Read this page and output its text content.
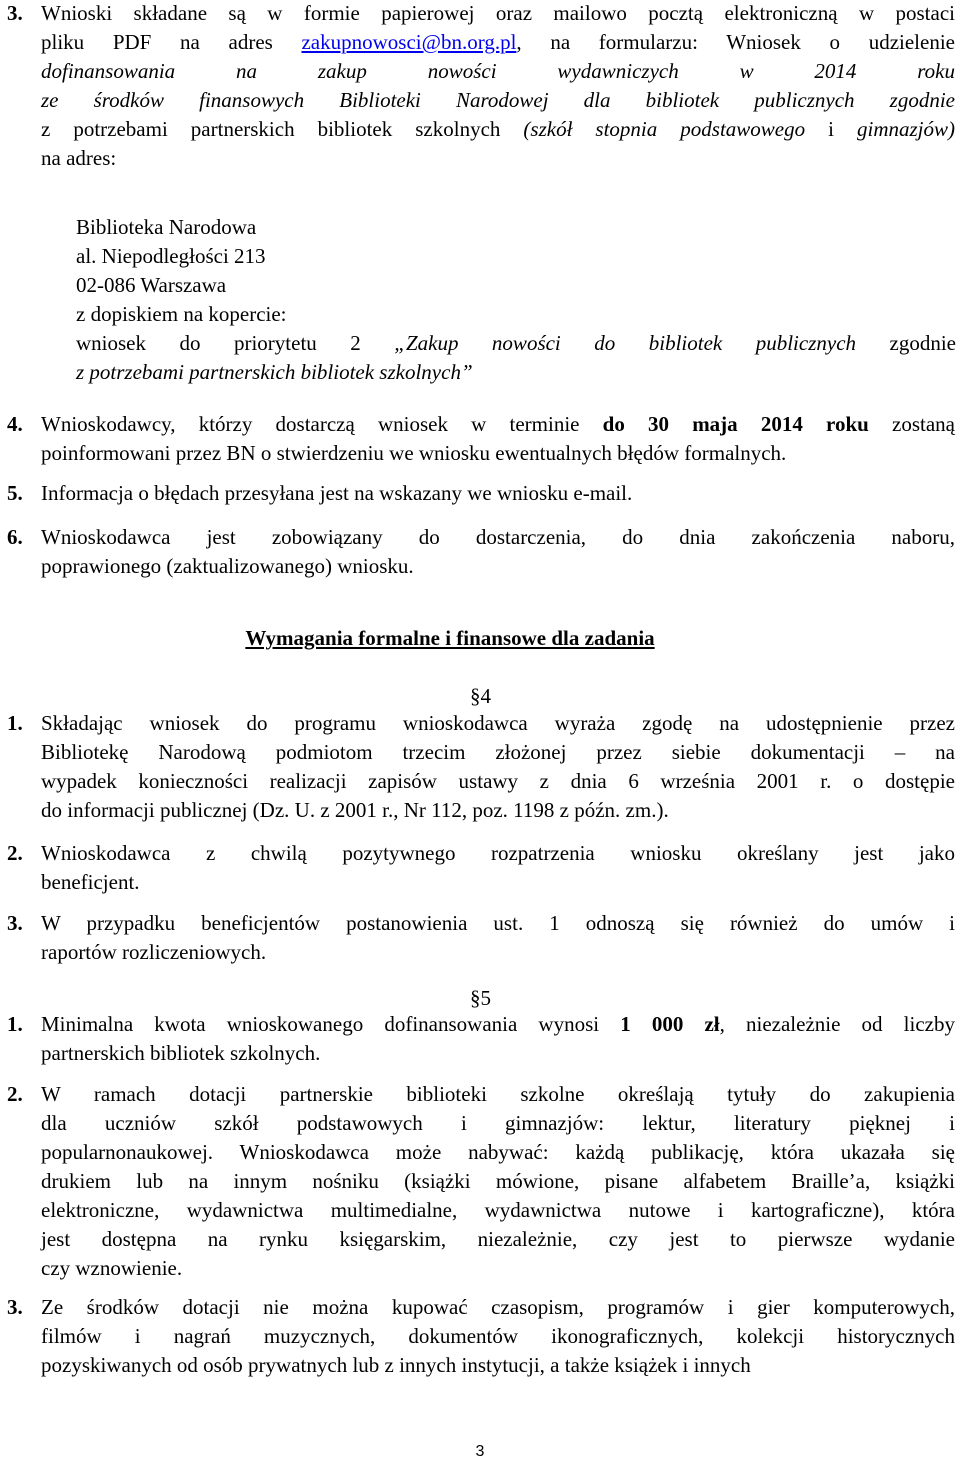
3. Wnioski składane są w formie papierowej oraz mailowo pocztą elektroniczną w postaci
pliku PDF na adres zakupnowosci@bn.org.pl, na formularzu: Wniosek o udzielenie
dofinansowania na zakup nowości wydawniczych w 2014 roku
ze środków finansowych Biblioteki Narodowej dla bibliotek publicznych zgodnie
z potrzebami partnerskich bibliotek szkolnych (szkół stopnia podstawowego i gimnazjów)
na adres:
Biblioteka Narodowa
al. Niepodległości 213
02-086 Warszawa
z dopiskiem na kopercie:
wniosek do priorytetu 2 „Zakup nowości do bibliotek publicznych zgodnie
z potrzebami partnerskich bibliotek szkolnych”
4. Wnioskodawcy, którzy dostarczą wniosek w terminie do 30 maja 2014 roku zostaną
poinformowani przez BN o stwierdzeniu we wniosku ewentualnych błędów formalnych.
5. Informacja o błędach przesyłana jest na wskazany we wniosku e-mail.
6. Wnioskodawca jest zobowiązany do dostarczenia, do dnia zakończenia naboru,
poprawionego (zaktualizowanego) wniosku.
Wymagania formalne i finansowe dla zadania
§4
1. Składając wniosek do programu wnioskodawca wyraża zgodę na udostępnienie przez
Bibliotekę Narodową podmiotom trzecim złożonej przez siebie dokumentacji – na
wypadek konieczności realizacji zapisów ustawy z dnia 6 września 2001 r. o dostępie
do informacji publicznej (Dz. U. z 2001 r., Nr 112, poz. 1198 z późn. zm.).
2. Wnioskodawca z chwilą pozytywnego rozpatrzenia wniosku określany jest jako
beneficjent.
3. W przypadku beneficjentów postanowienia ust. 1 odnoszą się również do umów i
raportów rozliczeniowych.
§5
1. Minimalna kwota wnioskowanego dofinansowania wynosi 1 000 zł, niezależnie od liczby
partnerskich bibliotek szkolnych.
2. W ramach dotacji partnerskie biblioteki szkolne określają tytuły do zakupienia
dla uczniów szkół podstawowych i gimnazjów: lektur, literatury pięknej i
popularnonaukowej. Wnioskodawca może nabywać: każdą publikację, która ukazała się
drukiem lub na innym nośniku (książki mówione, pisane alfabetem Braille’a, książki
elektroniczne, wydawnictwa multimedialne, wydawnictwa nutowe i kartograficzne), która
jest dostępna na rynku księgarskim, niezależnie, czy jest to pierwsze wydanie
czy wznowienie.
3. Ze środków dotacji nie można kupować czasopism, programów i gier komputerowych,
filmów i nagrań muzycznych, dokumentów ikonograficznych, kolekcji historycznych
pozyskiwanych od osób prywatnych lub z innych instytucji, a także książek i innych
3
